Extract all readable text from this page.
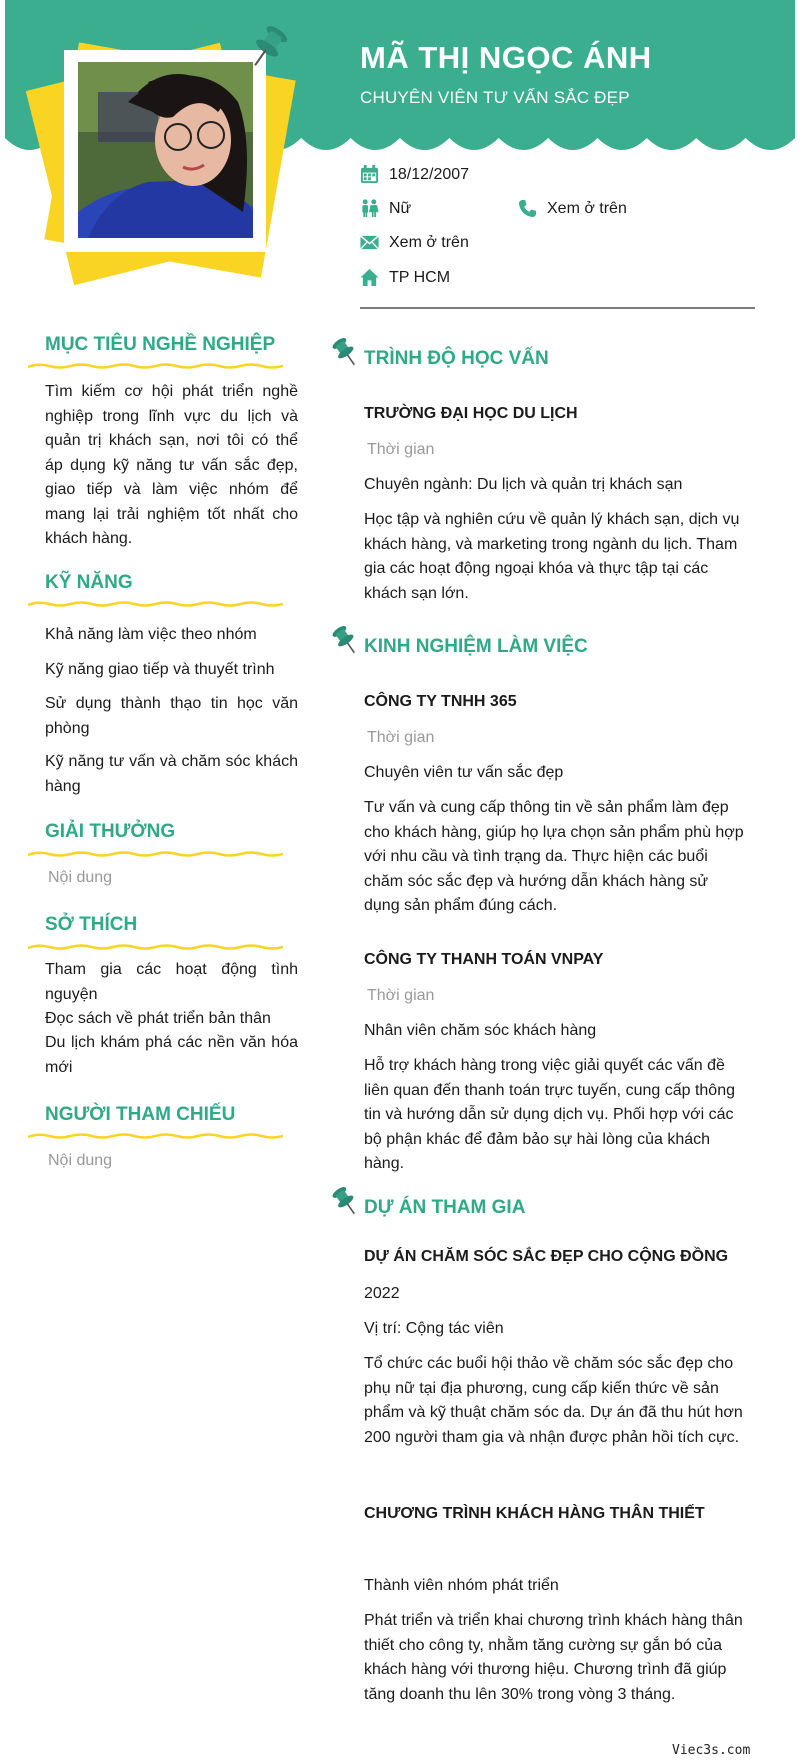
MÃ THỊ NGỌC ÁNH
CHUYÊN VIÊN TƯ VẤN SẮC ĐẸP
18/12/2007
Nữ	Xem ở trên
Xem ở trên
TP HCM
MỤC TIÊU NGHỀ NGHIỆP
Tìm kiếm cơ hội phát triển nghề nghiệp trong lĩnh vực du lịch và quản trị khách sạn, nơi tôi có thể áp dụng kỹ năng tư vấn sắc đẹp, giao tiếp và làm việc nhóm để mang lại trải nghiệm tốt nhất cho khách hàng.
KỸ NĂNG
Khả năng làm việc theo nhóm
Kỹ năng giao tiếp và thuyết trình
Sử dụng thành thạo tin học văn phòng
Kỹ năng tư vấn và chăm sóc khách hàng
GIẢI THƯỞNG
Nội dung
SỞ THÍCH
Tham gia các hoạt động tình nguyện
Đọc sách về phát triển bản thân
Du lịch khám phá các nền văn hóa mới
NGƯỜI THAM CHIẾU
Nội dung
TRÌNH ĐỘ HỌC VẤN
TRƯỜNG ĐẠI HỌC DU LỊCH
Thời gian
Chuyên ngành: Du lịch và quản trị khách sạn
Học tập và nghiên cứu về quản lý khách sạn, dịch vụ khách hàng, và marketing trong ngành du lịch. Tham gia các hoạt động ngoại khóa và thực tập tại các khách sạn lớn.
KINH NGHIỆM LÀM VIỆC
CÔNG TY TNHH 365
Thời gian
Chuyên viên tư vấn sắc đẹp
Tư vấn và cung cấp thông tin về sản phẩm làm đẹp cho khách hàng, giúp họ lựa chọn sản phẩm phù hợp với nhu cầu và tình trạng da. Thực hiện các buổi chăm sóc sắc đẹp và hướng dẫn khách hàng sử dụng sản phẩm đúng cách.
CÔNG TY THANH TOÁN VNPAY
Thời gian
Nhân viên chăm sóc khách hàng
Hỗ trợ khách hàng trong việc giải quyết các vấn đề liên quan đến thanh toán trực tuyến, cung cấp thông tin và hướng dẫn sử dụng dịch vụ. Phối hợp với các bộ phận khác để đảm bảo sự hài lòng của khách hàng.
DỰ ÁN THAM GIA
DỰ ÁN CHĂM SÓC SẮC ĐẸP CHO CỘNG ĐỒNG
2022
Vị trí: Cộng tác viên
Tổ chức các buổi hội thảo về chăm sóc sắc đẹp cho phụ nữ tại địa phương, cung cấp kiến thức về sản phẩm và kỹ thuật chăm sóc da. Dự án đã thu hút hơn 200 người tham gia và nhận được phản hồi tích cực.
CHƯƠNG TRÌNH KHÁCH HÀNG THÂN THIẾT
Thành viên nhóm phát triển
Phát triển và triển khai chương trình khách hàng thân thiết cho công ty, nhằm tăng cường sự gắn bó của khách hàng với thương hiệu. Chương trình đã giúp tăng doanh thu lên 30% trong vòng 3 tháng.
Viec3s.com
